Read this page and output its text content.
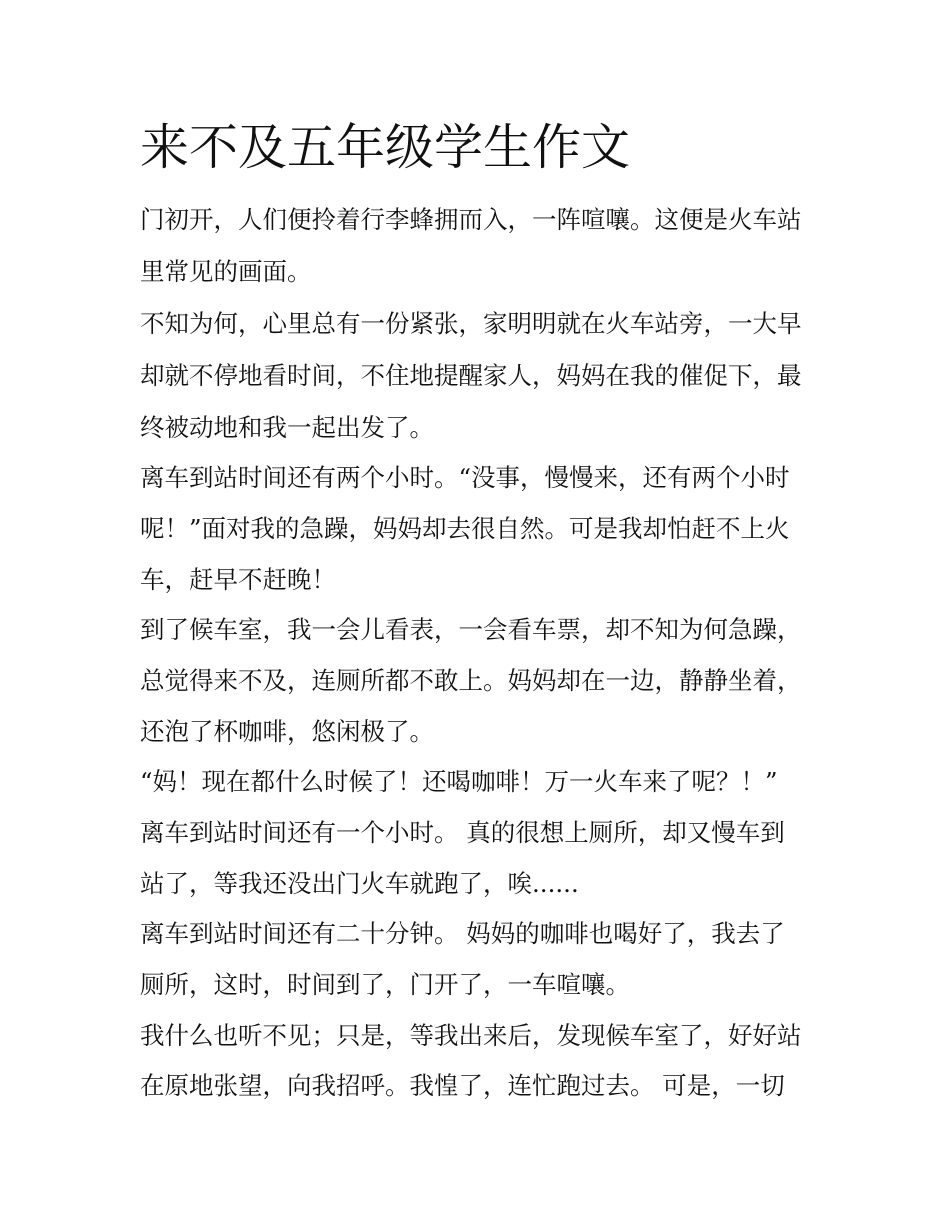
来不及五年级学生作文

门初开，人们便拎着行李蜂拥而入，一阵喧嚷。这便是火车站

里常见的画面。

不知为何，心里总有一份紧张，家明明就在火车站旁，一大早

却就不停地看时间，不住地提醒家人，妈妈在我的催促下，最

终被动地和我一起出发了。

离车到站时间还有两个小时。“没事，慢慢来，还有两个小时

呢！”面对我的急躁，妈妈却去很自然。可是我却怕赶不上火

车，赶早不赶晚！

到了候车室，我一会儿看表，一会看车票，却不知为何急躁，

总觉得来不及，连厕所都不敢上。妈妈却在一边，静静坐着，

还泡了杯咖啡，悠闲极了。

“妈！现在都什么时候了！还喝咖啡！万一火车来了呢？！”

离车到站时间还有一个小时。 真的很想上厕所，却又慢车到

站了，等我还没出门火车就跑了，唉......

离车到站时间还有二十分钟。 妈妈的咖啡也喝好了，我去了

厕所，这时，时间到了，门开了，一车喧嚷。

我什么也听不见；只是，等我出来后，发现候车室了，好好站

在原地张望，向我招呼。我惶了，连忙跑过去。 可是，一切
